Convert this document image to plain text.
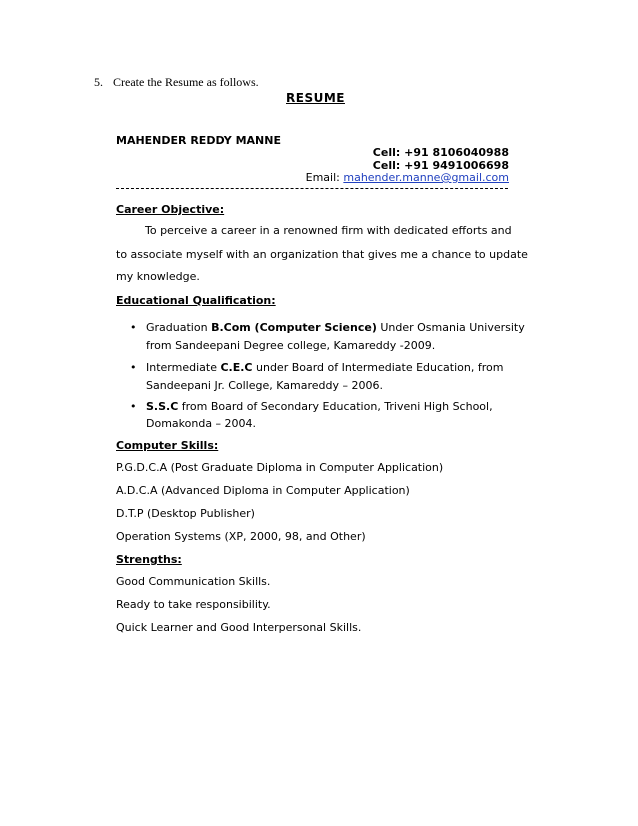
5. Create the Resume as follows.
RESUME
MAHENDER REDDY MANNE
Cell: +91 8106040988
Cell: +91 9491006698
Email: mahender.manne@gmail.com
Career Objective:
To perceive a career in a renowned firm with dedicated efforts and
to associate myself with an organization that gives me a chance to update
my knowledge.
Educational Qualification:
• Graduation B.Com (Computer Science) Under Osmania University
from Sandeepani Degree college, Kamareddy -2009.
• Intermediate C.E.C under Board of Intermediate Education, from
Sandeepani Jr. College, Kamareddy – 2006.
• S.S.C from Board of Secondary Education, Triveni High School,
Domakonda – 2004.
Computer Skills:
P.G.D.C.A (Post Graduate Diploma in Computer Application)
A.D.C.A (Advanced Diploma in Computer Application)
D.T.P (Desktop Publisher)
Operation Systems (XP, 2000, 98, and Other)
Strengths:
Good Communication Skills.
Ready to take responsibility.
Quick Learner and Good Interpersonal Skills.
